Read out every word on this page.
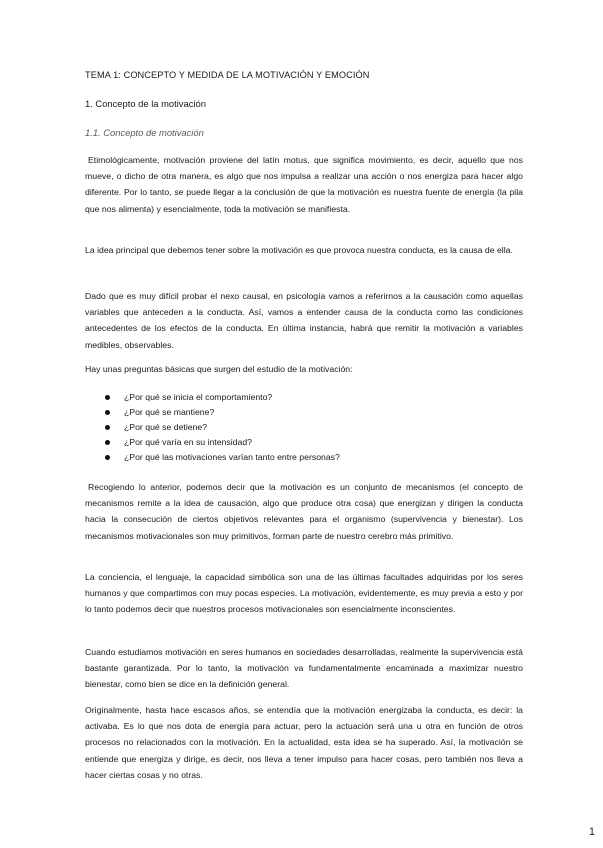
TEMA 1: CONCEPTO Y MEDIDA DE LA MOTIVACIÓN Y EMOCIÓN

1. Concepto de la motivación

1.1. Concepto de motivación

Etimológicamente, motivación proviene del latín motus, que significa movimiento, es decir, aquello que nos mueve, o dicho de otra manera, es algo que nos impulsa a realizar una acción o nos energiza para hacer algo diferente. Por lo tanto, se puede llegar a la conclusión de que la motivación es nuestra fuente de energía (la pila que nos alimenta) y esencialmente, toda la motivación se manifiesta.

La idea principal que debemos tener sobre la motivación es que provoca nuestra conducta, es la causa de ella.

Dado que es muy difícil probar el nexo causal, en psicología vamos a referirnos a la causación como aquellas variables que anteceden a la conducta. Así, vamos a entender causa de la conducta como las condiciones antecedentes de los efectos de la conducta. En última instancia, habrá que remitir la motivación a variables medibles, observables.

Hay unas preguntas básicas que surgen del estudio de la motivación:

¿Por qué se inicia el comportamiento?
¿Por qué se mantiene?
¿Por qué se detiene?
¿Por qué varía en su intensidad?
¿Por qué las motivaciones varían tanto entre personas?

Recogiendo lo anterior, podemos decir que la motivación es un conjunto de mecanismos (el concepto de mecanismos remite a la idea de causación, algo que produce otra cosa) que energizan y dirigen la conducta hacia la consecución de ciertos objetivos relevantes para el organismo (supervivencia y bienestar). Los mecanismos motivacionales son muy primitivos, forman parte de nuestro cerebro más primitivo.

La conciencia, el lenguaje, la capacidad simbólica son una de las últimas facultades adquiridas por los seres humanos y que compartimos con muy pocas especies. La motivación, evidentemente, es muy previa a esto y por lo tanto podemos decir que nuestros procesos motivacionales son esencialmente inconscientes.

Cuando estudiamos motivación en seres humanos en sociedades desarrolladas, realmente la supervivencia está bastante garantizada. Por lo tanto, la motivación va fundamentalmente encaminada a maximizar nuestro bienestar, como bien se dice en la definición general.

Originalmente, hasta hace escasos años, se entendía que la motivación energizaba la conducta, es decir: la activaba. Es lo que nos dota de energía para actuar, pero la actuación será una u otra en función de otros procesos no relacionados con la motivación. En la actualidad, esta idea se ha superado. Así, la motivación se entiende que energiza y dirige, es decir, nos lleva a tener impulso para hacer cosas, pero también nos lleva a hacer ciertas cosas y no otras.

1
